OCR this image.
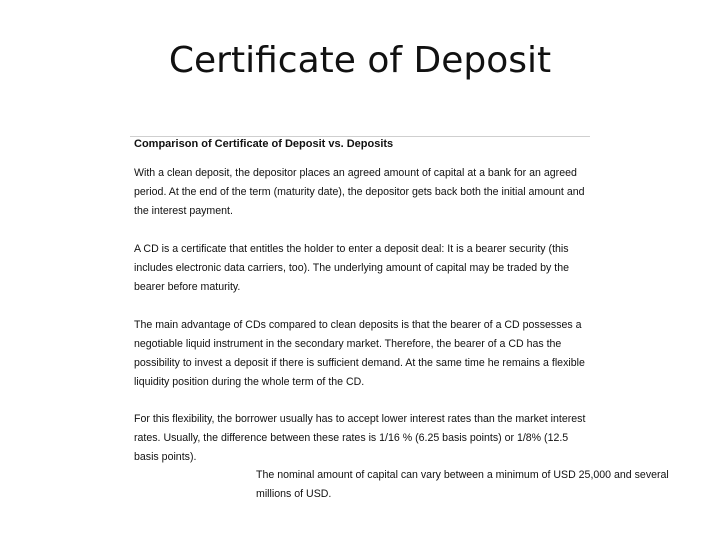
Certificate of Deposit
Comparison of Certificate of Deposit vs. Deposits

With a clean deposit, the depositor places an agreed amount of capital at a bank for an agreed period. At the end of the term (maturity date), the depositor gets back both the initial amount and the interest payment.

A CD is a certificate that entitles the holder to enter a deposit deal: It is a bearer security (this includes electronic data carriers, too). The underlying amount of capital may be traded by the bearer before maturity.

The main advantage of CDs compared to clean deposits is that the bearer of a CD possesses a negotiable liquid instrument in the secondary market. Therefore, the bearer of a CD has the possibility to invest a deposit if there is sufficient demand. At the same time he remains a flexible liquidity position during the whole term of the CD.

For this flexibility, the borrower usually has to accept lower interest rates than the market interest rates. Usually, the difference between these rates is 1/16 % (6.25 basis points) or 1/8% (12.5 basis points).

The nominal amount of capital can vary between a minimum of USD 25,000 and several millions of USD.
